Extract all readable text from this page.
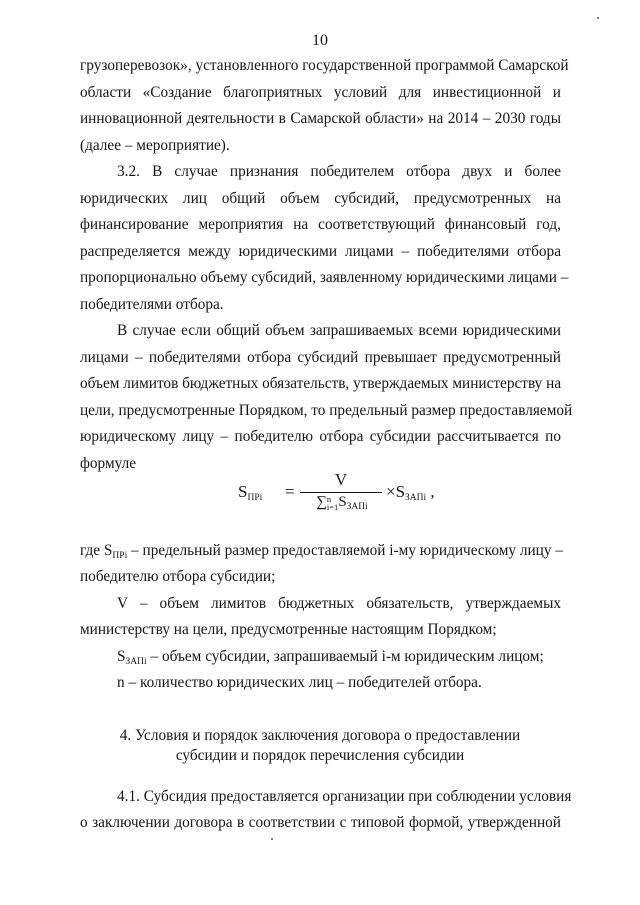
10
грузоперевозок», установленного государственной программой Самарской
области «Создание благоприятных условий для инвестиционной и
инновационной деятельности в Самарской области» на 2014 – 2030 годы
(далее – мероприятие).
3.2. В случае признания победителем отбора двух и более
юридических лиц общий объем субсидий, предусмотренных на
финансирование мероприятия на соответствующий финансовый год,
распределяется между юридическими лицами – победителями отбора
пропорционально объему субсидий, заявленному юридическими лицами –
победителями отбора.
В случае если общий объем запрашиваемых всеми юридическими
лицами – победителями отбора субсидий превышает предусмотренный
объем лимитов бюджетных обязательств, утверждаемых министерству на
цели, предусмотренные Порядком, то предельный размер предоставляемой
юридическому лицу – победителю отбора субсидии рассчитывается по
формуле
$S_{ПРi}$ =
V
∑n
$i=1S_{ЗАПi}$
$\times S_{ЗАПi}$ ,
где $S_{ПРi}$ – предельный размер предоставляемой i-му юридическому лицу –
победителю отбора субсидии;
V – объем лимитов бюджетных обязательств, утверждаемых
министерству на цели, предусмотренные настоящим Порядком;
$S_{ЗАПi}$ – объем субсидии, запрашиваемый i-м юридическим лицом;
n – количество юридических лиц – победителей отбора.
4. Условия и порядок заключения договора о предоставлении
субсидии и порядок перечисления субсидии
4.1. Субсидия предоставляется организации при соблюдении условия
о заключении договора в соответствии с типовой формой, утвержденной
